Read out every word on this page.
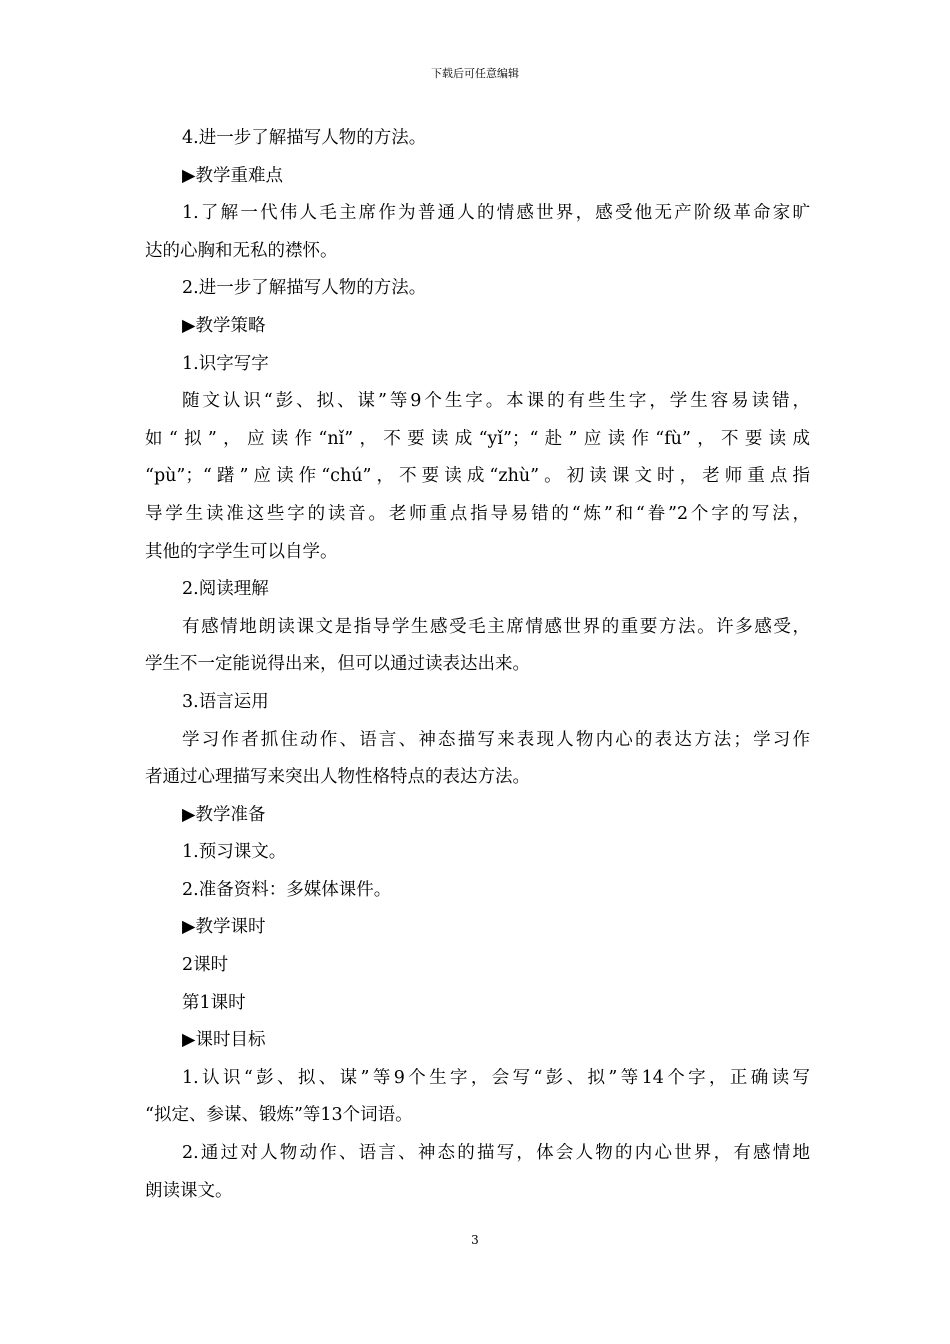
下载后可任意编辑
4.进一步了解描写人物的方法。
▶教学重难点
1.了解一代伟人毛主席作为普通人的情感世界，感受他无产阶级革命家旷
达的心胸和无私的襟怀。
2.进一步了解描写人物的方法。
▶教学策略
1.识字写字
随文认识“彭、拟、谋”等9个生字。本课的有些生字，学生容易读错，
如“拟”，应读作“nǐ”，不要读成“yǐ”；“赴”应读作“fù”，不要读成
“pù”；“躇”应读作“chú”，不要读成“zhù”。初读课文时，老师重点指
导学生读准这些字的读音。老师重点指导易错的“炼”和“眷”2个字的写法，
其他的字学生可以自学。
2.阅读理解
有感情地朗读课文是指导学生感受毛主席情感世界的重要方法。许多感受，
学生不一定能说得出来，但可以通过读表达出来。
3.语言运用
学习作者抓住动作、语言、神态描写来表现人物内心的表达方法；学习作
者通过心理描写来突出人物性格特点的表达方法。
▶教学准备
1.预习课文。
2.准备资料：多媒体课件。
▶教学课时
2课时
第1课时
▶课时目标
1.认识“彭、拟、谋”等9个生字，会写“彭、拟”等14个字，正确读写
“拟定、参谋、锻炼”等13个词语。
2.通过对人物动作、语言、神态的描写，体会人物的内心世界，有感情地
朗读课文。
3
